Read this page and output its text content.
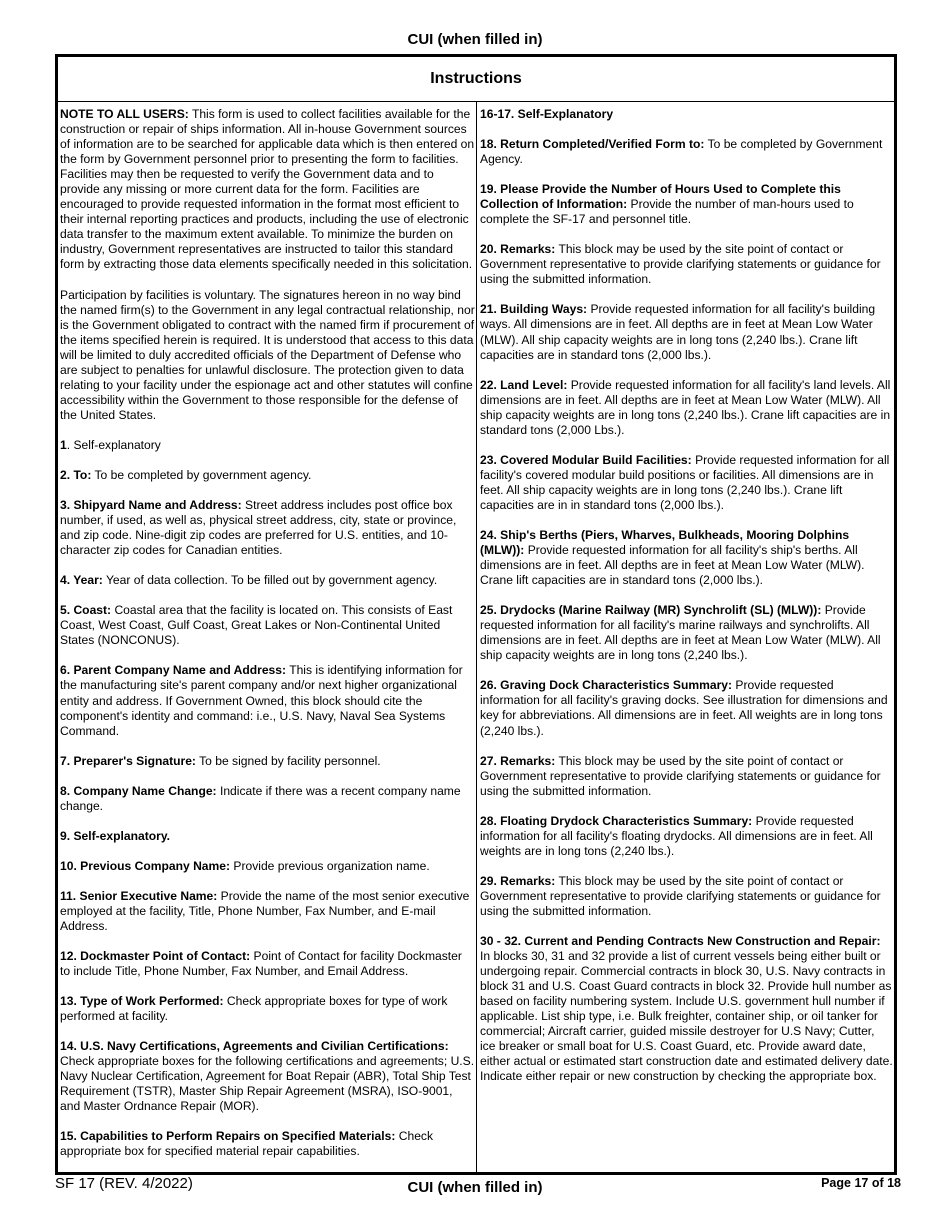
CUI (when filled in)
Instructions

NOTE TO ALL USERS: This form is used to collect facilities available for the construction or repair of ships information. All in-house Government sources of information are to be searched for applicable data which is then entered on the form by Government personnel prior to presenting the form to facilities. Facilities may then be requested to verify the Government data and to provide any missing or more current data for the form. Facilities are encouraged to provide requested information in the format most efficient to their internal reporting practices and products, including the use of electronic data transfer to the maximum extent available. To minimize the burden on industry, Government representatives are instructed to tailor this standard form by extracting those data elements specifically needed in this solicitation.

Participation by facilities is voluntary. The signatures hereon in no way bind the named firm(s) to the Government in any legal contractual relationship, nor is the Government obligated to contract with the named firm if procurement of the items specified herein is required. It is understood that access to this data will be limited to duly accredited officials of the Department of Defense who are subject to penalties for unlawful disclosure. The protection given to data relating to your facility under the espionage act and other statutes will confine accessibility within the Government to those responsible for the defense of the United States.

1. Self-explanatory

2. To: To be completed by government agency.

3. Shipyard Name and Address: Street address includes post office box number, if used, as well as, physical street address, city, state or province, and zip code. Nine-digit zip codes are preferred for U.S. entities, and 10-character zip codes for Canadian entities.

4. Year: Year of data collection. To be filled out by government agency.

5. Coast: Coastal area that the facility is located on. This consists of East Coast, West Coast, Gulf Coast, Great Lakes or Non-Continental United States (NONCONUS).

6. Parent Company Name and Address: This is identifying information for the manufacturing site's parent company and/or next higher organizational entity and address. If Government Owned, this block should cite the component's identity and command: i.e., U.S. Navy, Naval Sea Systems Command.

7. Preparer's Signature: To be signed by facility personnel.

8. Company Name Change: Indicate if there was a recent company name change.

9. Self-explanatory.

10. Previous Company Name: Provide previous organization name.

11. Senior Executive Name: Provide the name of the most senior executive employed at the facility, Title, Phone Number, Fax Number, and E-mail Address.

12. Dockmaster Point of Contact: Point of Contact for facility Dockmaster to include Title, Phone Number, Fax Number, and Email Address.

13. Type of Work Performed: Check appropriate boxes for type of work performed at facility.

14. U.S. Navy Certifications, Agreements and Civilian Certifications: Check appropriate boxes for the following certifications and agreements; U.S. Navy Nuclear Certification, Agreement for Boat Repair (ABR), Total Ship Test Requirement (TSTR), Master Ship Repair Agreement (MSRA), ISO-9001, and Master Ordnance Repair (MOR).

15. Capabilities to Perform Repairs on Specified Materials: Check appropriate box for specified material repair capabilities.

16-17. Self-Explanatory

18. Return Completed/Verified Form to: To be completed by Government Agency.

19. Please Provide the Number of Hours Used to Complete this Collection of Information: Provide the number of man-hours used to complete the SF-17 and personnel title.

20. Remarks: This block may be used by the site point of contact or Government representative to provide clarifying statements or guidance for using the submitted information.

21. Building Ways: Provide requested information for all facility's building ways. All dimensions are in feet. All depths are in feet at Mean Low Water (MLW). All ship capacity weights are in long tons (2,240 lbs.). Crane lift capacities are in standard tons (2,000 lbs.).

22. Land Level: Provide requested information for all facility's land levels. All dimensions are in feet. All depths are in feet at Mean Low Water (MLW). All ship capacity weights are in long tons (2,240 lbs.). Crane lift capacities are in standard tons (2,000 Lbs.).

23. Covered Modular Build Facilities: Provide requested information for all facility's covered modular build positions or facilities. All dimensions are in feet. All ship capacity weights are in long tons (2,240 lbs.). Crane lift capacities are in in standard tons (2,000 lbs.).

24. Ship's Berths (Piers, Wharves, Bulkheads, Mooring Dolphins (MLW)): Provide requested information for all facility's ship's berths. All dimensions are in feet. All depths are in feet at Mean Low Water (MLW). Crane lift capacities are in standard tons (2,000 lbs.).

25. Drydocks (Marine Railway (MR) Synchrolift (SL) (MLW)): Provide requested information for all facility's marine railways and synchrolifts. All dimensions are in feet. All depths are in feet at Mean Low Water (MLW). All ship capacity weights are in long tons (2,240 lbs.).

26. Graving Dock Characteristics Summary: Provide requested information for all facility's graving docks. See illustration for dimensions and key for abbreviations. All dimensions are in feet. All weights are in long tons (2,240 lbs.).

27. Remarks: This block may be used by the site point of contact or Government representative to provide clarifying statements or guidance for using the submitted information.

28. Floating Drydock Characteristics Summary: Provide requested information for all facility's floating drydocks. All dimensions are in feet. All weights are in long tons (2,240 lbs.).

29. Remarks: This block may be used by the site point of contact or Government representative to provide clarifying statements or guidance for using the submitted information.

30 - 32. Current and Pending Contracts New Construction and Repair: In blocks 30, 31 and 32 provide a list of current vessels being either built or undergoing repair. Commercial contracts in block 30, U.S. Navy contracts in block 31 and U.S. Coast Guard contracts in block 32. Provide hull number as based on facility numbering system. Include U.S. government hull number if applicable. List ship type, i.e. Bulk freighter, container ship, or oil tanker for commercial; Aircraft carrier, guided missile destroyer for U.S Navy; Cutter, ice breaker or small boat for U.S. Coast Guard, etc. Provide award date, either actual or estimated start construction date and estimated delivery date. Indicate either repair or new construction by checking the appropriate box.

SF 17 (REV. 4/2022)	CUI (when filled in)	Page 17 of 18
